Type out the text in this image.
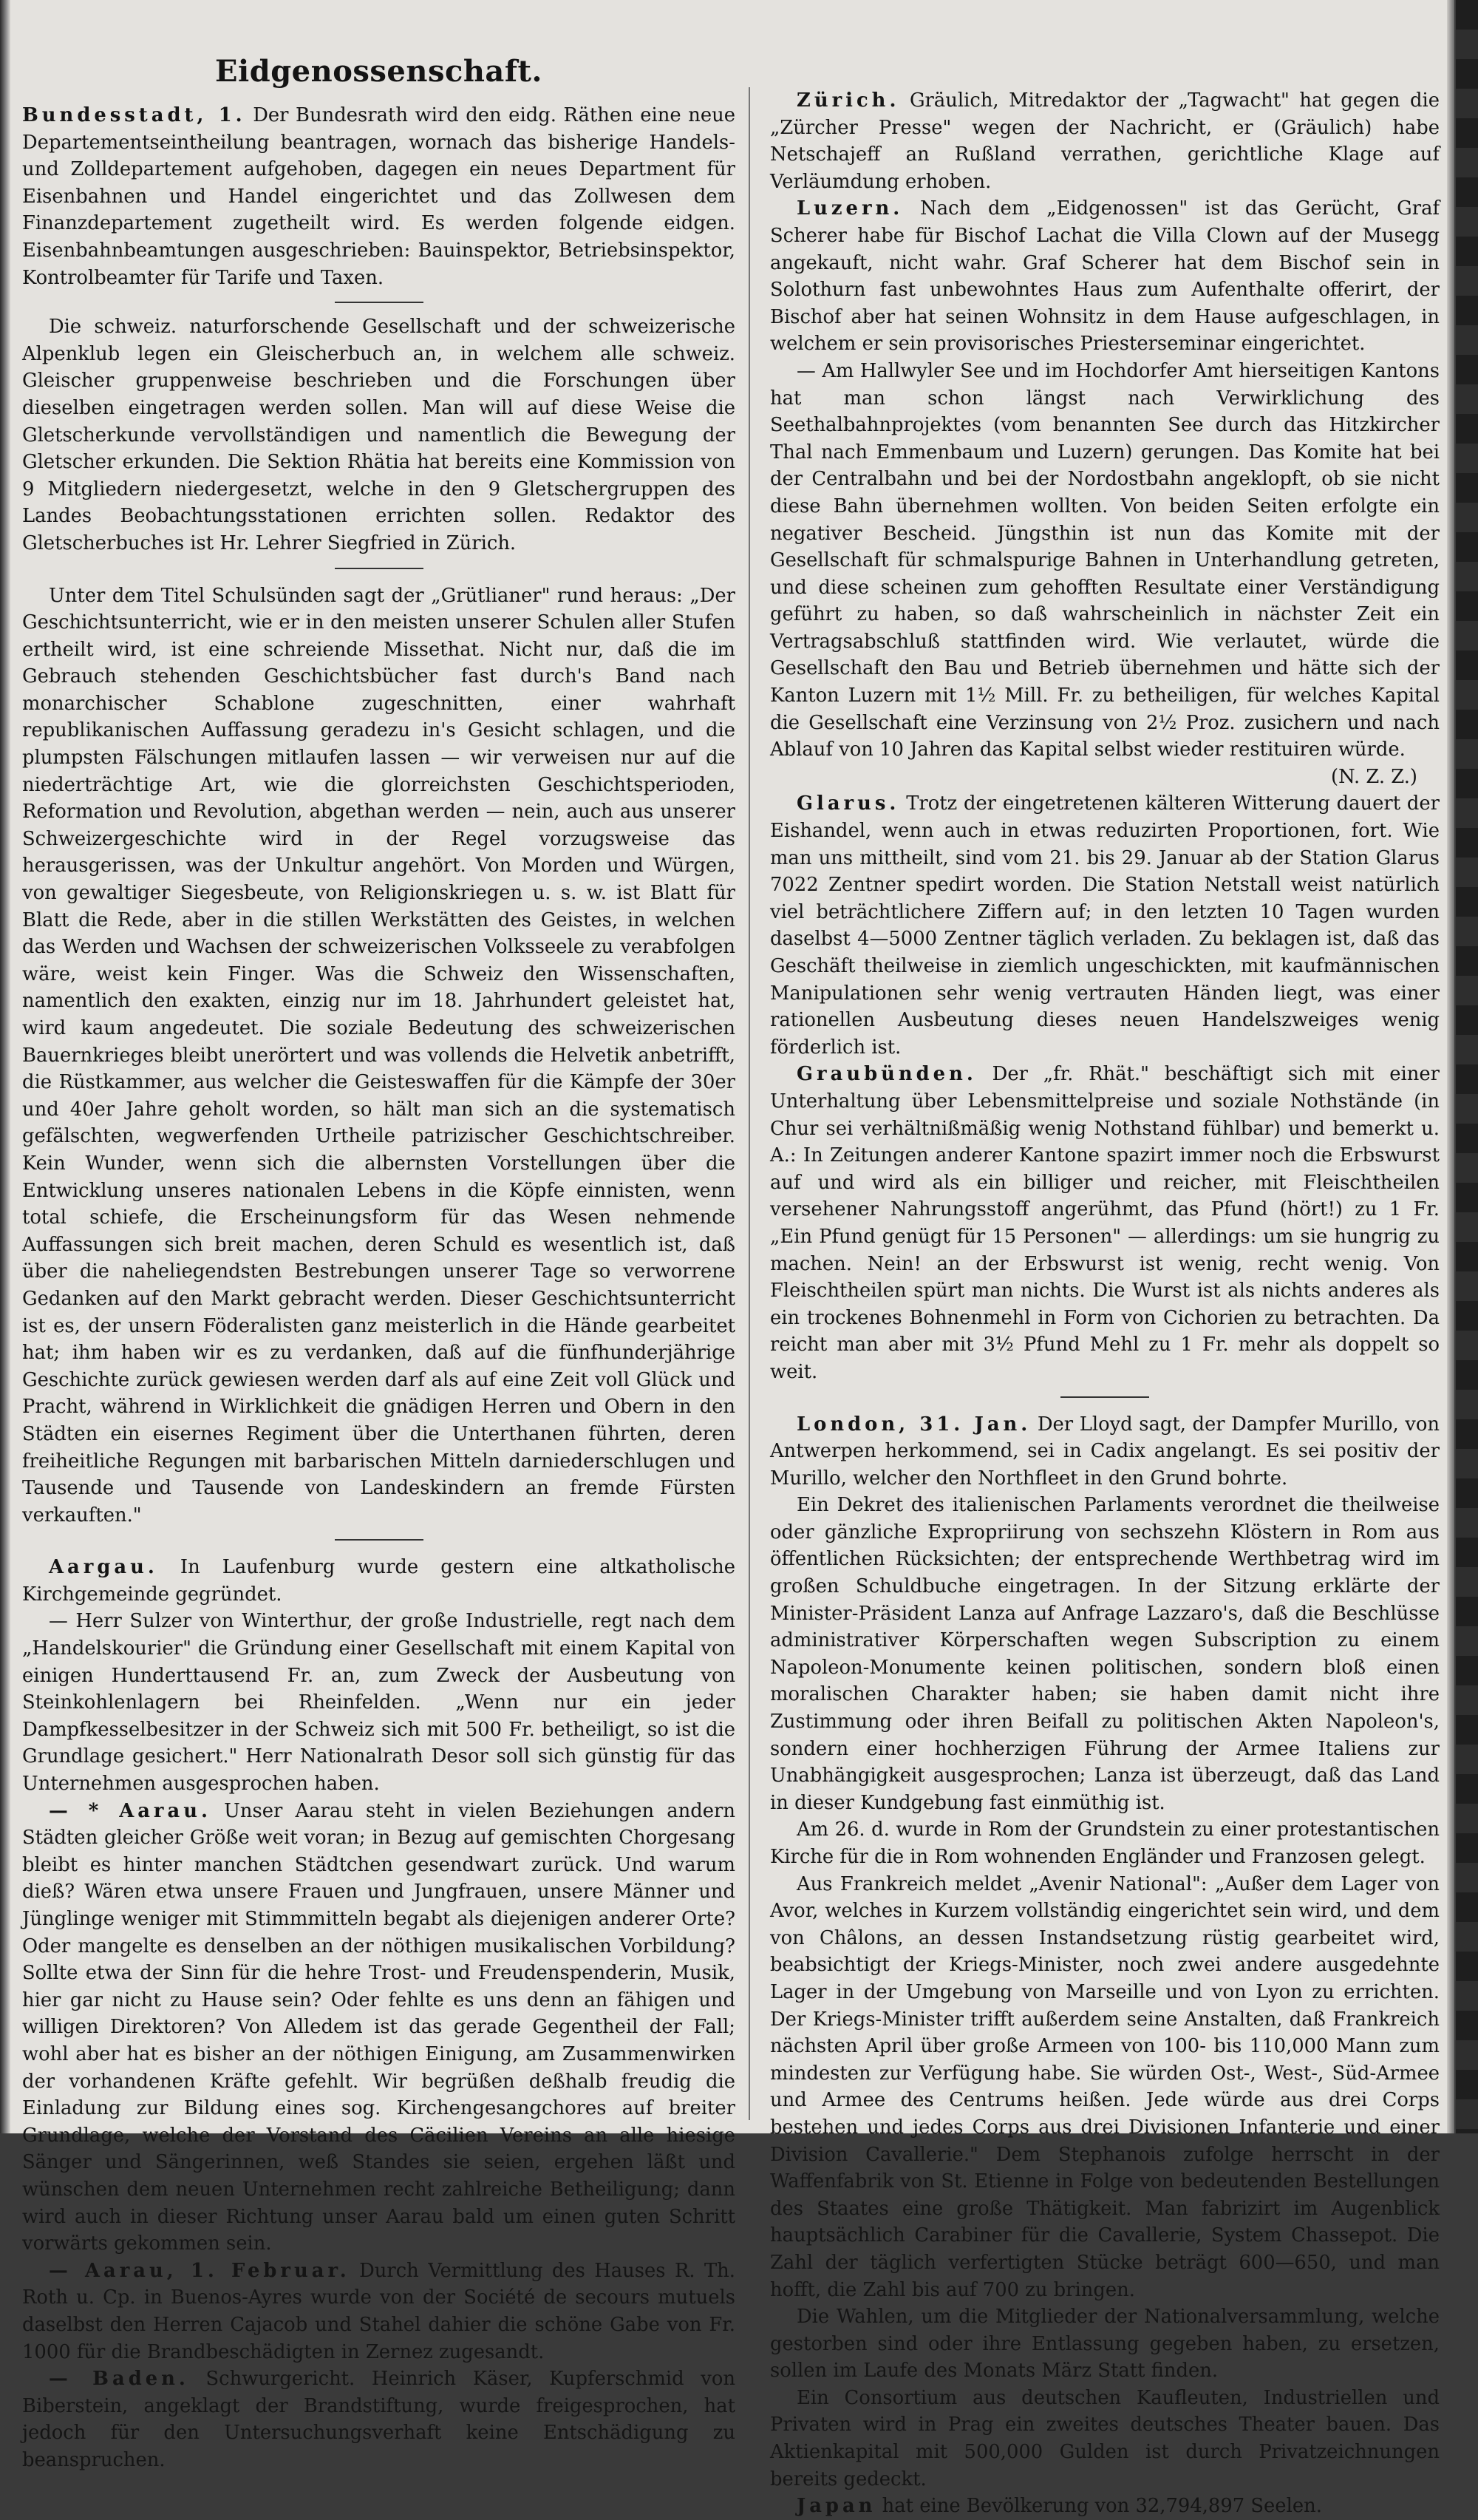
Eidgenossenschaft.

Bundesstadt, 1. Der Bundesrath wird den eidg. Räthen eine neue Departementseintheilung beantragen, wornach das bisherige Handels- und Zolldepartement aufgehoben, dagegen ein neues Department für Eisenbahnen und Handel eingerichtet und das Zollwesen dem Finanzdepartement zugetheilt wird. Es werden folgende eidgen. Eisenbahnbeamtungen ausgeschrieben: Bauinspektor, Betriebsinspektor, Kontrolbeamter für Tarife und Taxen.

Die schweiz. naturforschende Gesellschaft und der schweizerische Alpenklub legen ein Gleischerbuch an, in welchem alle schweiz. Gleischer gruppenweise beschrieben und die Forschungen über dieselben eingetragen werden sollen. Man will auf diese Weise die Gletscherkunde vervollständigen und namentlich die Bewegung der Gletscher erkunden. Die Sektion Rhätia hat bereits eine Kommission von 9 Mitgliedern niedergesetzt, welche in den 9 Gletschergruppen des Landes Beobachtungsstationen errichten sollen. Redaktor des Gletscherbuches ist Hr. Lehrer Siegfried in Zürich.

Unter dem Titel Schulsünden sagt der „Grütlianer" rund heraus: „Der Geschichtsunterricht, wie er in den meisten unserer Schulen aller Stufen ertheilt wird, ist eine schreiende Missethat. Nicht nur, daß die im Gebrauch stehenden Geschichtsbücher fast durch's Band nach monarchischer Schablone zugeschnitten, einer wahrhaft republikanischen Auffassung geradezu in's Gesicht schlagen, und die plumpsten Fälschungen mitlaufen lassen — wir verweisen nur auf die niederträchtige Art, wie die glorreichsten Geschichtsperioden, Reformation und Revolution, abgethan werden — nein, auch aus unserer Schweizergeschichte wird in der Regel vorzugsweise das herausgerissen, was der Unkultur angehört. Von Morden und Würgen, von gewaltiger Siegesbeute, von Religionskriegen u. s. w. ist Blatt für Blatt die Rede, aber in die stillen Werkstätten des Geistes, in welchen das Werden und Wachsen der schweizerischen Volksseele zu verabfolgen wäre, weist kein Finger. Was die Schweiz den Wissenschaften, namentlich den exakten, einzig nur im 18. Jahrhundert geleistet hat, wird kaum angedeutet. Die soziale Bedeutung des schweizerischen Bauernkrieges bleibt unerörtert und was vollends die Helvetik anbetrifft, die Rüstkammer, aus welcher die Geisteswaffen für die Kämpfe der 30er und 40er Jahre geholt worden, so hält man sich an die systematisch gefälschten, wegwerfenden Urtheile patrizischer Geschichtschreiber. Kein Wunder, wenn sich die albernsten Vorstellungen über die Entwicklung unseres nationalen Lebens in die Köpfe einnisten, wenn total schiefe, die Erscheinungsform für das Wesen nehmende Auffassungen sich breit machen, deren Schuld es wesentlich ist, daß über die naheliegendsten Bestrebungen unserer Tage so verworrene Gedanken auf den Markt gebracht werden. Dieser Geschichtsunterricht ist es, der unsern Föderalisten ganz meisterlich in die Hände gearbeitet hat; ihm haben wir es zu verdanken, daß auf die fünfhunderjährige Geschichte zurück gewiesen werden darf als auf eine Zeit voll Glück und Pracht, während in Wirklichkeit die gnädigen Herren und Obern in den Städten ein eisernes Regiment über die Unterthanen führten, deren freiheitliche Regungen mit barbarischen Mitteln darniederschlugen und Tausende und Tausende von Landeskindern an fremde Fürsten verkauften."

Aargau. In Laufenburg wurde gestern eine altkatholische Kirchgemeinde gegründet.

— Herr Sulzer von Winterthur, der große Industrielle, regt nach dem „Handelskourier" die Gründung einer Gesellschaft mit einem Kapital von einigen Hunderttausend Fr. an, zum Zweck der Ausbeutung von Steinkohlenlagern bei Rheinfelden. „Wenn nur ein jeder Dampfkesselbesitzer in der Schweiz sich mit 500 Fr. betheiligt, so ist die Grundlage gesichert." Herr Nationalrath Desor soll sich günstig für das Unternehmen ausgesprochen haben.

— * Aarau. Unser Aarau steht in vielen Beziehungen andern Städten gleicher Größe weit voran; in Bezug auf gemischten Chorgesang bleibt es hinter manchen Städtchen gesendwart zurück. Und warum dieß? Wären etwa unsere Frauen und Jungfrauen, unsere Männer und Jünglinge weniger mit Stimmmitteln begabt als diejenigen anderer Orte? Oder mangelte es denselben an der nöthigen musikalischen Vorbildung? Sollte etwa der Sinn für die hehre Trost- und Freudenspenderin, Musik, hier gar nicht zu Hause sein? Oder fehlte es uns denn an fähigen und willigen Direktoren? Von Alledem ist das gerade Gegentheil der Fall; wohl aber hat es bisher an der nöthigen Einigung, am Zusammenwirken der vorhandenen Kräfte gefehlt. Wir begrüßen deßhalb freudig die Einladung zur Bildung eines sog. Kirchengesangchores auf breiter Grundlage, welche der Vorstand des Cäcilien Vereins an alle hiesige Sänger und Sängerinnen, weß Standes sie seien, ergehen läßt und wünschen dem neuen Unternehmen recht zahlreiche Betheiligung; dann wird auch in dieser Richtung unser Aarau bald um einen guten Schritt vorwärts gekommen sein.

— Aarau, 1. Februar. Durch Vermittlung des Hauses R. Th. Roth u. Cp. in Buenos-Ayres wurde von der Société de secours mutuels daselbst den Herren Cajacob und Stahel dahier die schöne Gabe von Fr. 1000 für die Brandbeschädigten in Zernez zugesandt.

— Baden. Schwurgericht. Heinrich Käser, Kupferschmid von Biberstein, angeklagt der Brandstiftung, wurde freigesprochen, hat jedoch für den Untersuchungsverhaft keine Entschädigung zu beanspruchen.

Zürich. Gräulich, Mitredaktor der „Tagwacht" hat gegen die „Zürcher Presse" wegen der Nachricht, er (Gräulich) habe Netschajeff an Rußland verrathen, gerichtliche Klage auf Verläumdung erhoben.

Luzern. Nach dem „Eidgenossen" ist das Gerücht, Graf Scherer habe für Bischof Lachat die Villa Clown auf der Musegg angekauft, nicht wahr. Graf Scherer hat dem Bischof sein in Solothurn fast unbewohntes Haus zum Aufenthalte offerirt, der Bischof aber hat seinen Wohnsitz in dem Hause aufgeschlagen, in welchem er sein provisorisches Priesterseminar eingerichtet.

— Am Hallwyler See und im Hochdorfer Amt hierseitigen Kantons hat man schon längst nach Verwirklichung des Seethalbahnprojektes (vom benannten See durch das Hitzkircher Thal nach Emmenbaum und Luzern) gerungen. Das Komite hat bei der Centralbahn und bei der Nordostbahn angeklopft, ob sie nicht diese Bahn übernehmen wollten. Von beiden Seiten erfolgte ein negativer Bescheid. Jüngsthin ist nun das Komite mit der Gesellschaft für schmalspurige Bahnen in Unterhandlung getreten, und diese scheinen zum gehofften Resultate einer Verständigung geführt zu haben, so daß wahrscheinlich in nächster Zeit ein Vertragsabschluß stattfinden wird. Wie verlautet, würde die Gesellschaft den Bau und Betrieb übernehmen und hätte sich der Kanton Luzern mit 1½ Mill. Fr. zu betheiligen, für welches Kapital die Gesellschaft eine Verzinsung von 2½ Proz. zusichern und nach Ablauf von 10 Jahren das Kapital selbst wieder restituiren würde.

(N. Z. Z.)

Glarus. Trotz der eingetretenen kälteren Witterung dauert der Eishandel, wenn auch in etwas reduzirten Proportionen, fort. Wie man uns mittheilt, sind vom 21. bis 29. Januar ab der Station Glarus 7022 Zentner spedirt worden. Die Station Netstall weist natürlich viel beträchtlichere Ziffern auf; in den letzten 10 Tagen wurden daselbst 4—5000 Zentner täglich verladen. Zu beklagen ist, daß das Geschäft theilweise in ziemlich ungeschickten, mit kaufmännischen Manipulationen sehr wenig vertrauten Händen liegt, was einer rationellen Ausbeutung dieses neuen Handelszweiges wenig förderlich ist.

Graubünden. Der „fr. Rhät." beschäftigt sich mit einer Unterhaltung über Lebensmittelpreise und soziale Nothstände (in Chur sei verhältnißmäßig wenig Nothstand fühlbar) und bemerkt u. A.: In Zeitungen anderer Kantone spazirt immer noch die Erbswurst auf und wird als ein billiger und reicher, mit Fleischtheilen versehener Nahrungsstoff angerühmt, das Pfund (hört!) zu 1 Fr. „Ein Pfund genügt für 15 Personen" — allerdings: um sie hungrig zu machen. Nein! an der Erbswurst ist wenig, recht wenig. Von Fleischtheilen spürt man nichts. Die Wurst ist als nichts anderes als ein trockenes Bohnenmehl in Form von Cichorien zu betrachten. Da reicht man aber mit 3½ Pfund Mehl zu 1 Fr. mehr als doppelt so weit.

London, 31. Jan. Der Lloyd sagt, der Dampfer Murillo, von Antwerpen herkommend, sei in Cadix angelangt. Es sei positiv der Murillo, welcher den Northfleet in den Grund bohrte.

Ein Dekret des italienischen Parlaments verordnet die theilweise oder gänzliche Expropriirung von sechszehn Klöstern in Rom aus öffentlichen Rücksichten; der entsprechende Werthbetrag wird im großen Schuldbuche eingetragen. In der Sitzung erklärte der Minister-Präsident Lanza auf Anfrage Lazzaro's, daß die Beschlüsse administrativer Körperschaften wegen Subscription zu einem Napoleon-Monumente keinen politischen, sondern bloß einen moralischen Charakter haben; sie haben damit nicht ihre Zustimmung oder ihren Beifall zu politischen Akten Napoleon's, sondern einer hochherzigen Führung der Armee Italiens zur Unabhängigkeit ausgesprochen; Lanza ist überzeugt, daß das Land in dieser Kundgebung fast einmüthig ist.

Am 26. d. wurde in Rom der Grundstein zu einer protestantischen Kirche für die in Rom wohnenden Engländer und Franzosen gelegt.

Aus Frankreich meldet „Avenir National": „Außer dem Lager von Avor, welches in Kurzem vollständig eingerichtet sein wird, und dem von Châlons, an dessen Instandsetzung rüstig gearbeitet wird, beabsichtigt der Kriegs-Minister, noch zwei andere ausgedehnte Lager in der Umgebung von Marseille und von Lyon zu errichten. Der Kriegs-Minister trifft außerdem seine Anstalten, daß Frankreich nächsten April über große Armeen von 100- bis 110,000 Mann zum mindesten zur Verfügung habe. Sie würden Ost-, West-, Süd-Armee und Armee des Centrums heißen. Jede würde aus drei Corps bestehen und jedes Corps aus drei Divisionen Infanterie und einer Division Cavallerie." Dem Stephanois zufolge herrscht in der Waffenfabrik von St. Etienne in Folge von bedeutenden Bestellungen des Staates eine große Thätigkeit. Man fabrizirt im Augenblick hauptsächlich Carabiner für die Cavallerie, System Chassepot. Die Zahl der täglich verfertigten Stücke beträgt 600—650, und man hofft, die Zahl bis auf 700 zu bringen.

Die Wahlen, um die Mitglieder der Nationalversammlung, welche gestorben sind oder ihre Entlassung gegeben haben, zu ersetzen, sollen im Laufe des Monats März Statt finden.

Ein Consortium aus deutschen Kaufleuten, Industriellen und Privaten wird in Prag ein zweites deutsches Theater bauen. Das Aktienkapital mit 500,000 Gulden ist durch Privatzeichnungen bereits gedeckt.

Japan hat eine Bevölkerung von 32,794,897 Seelen.
